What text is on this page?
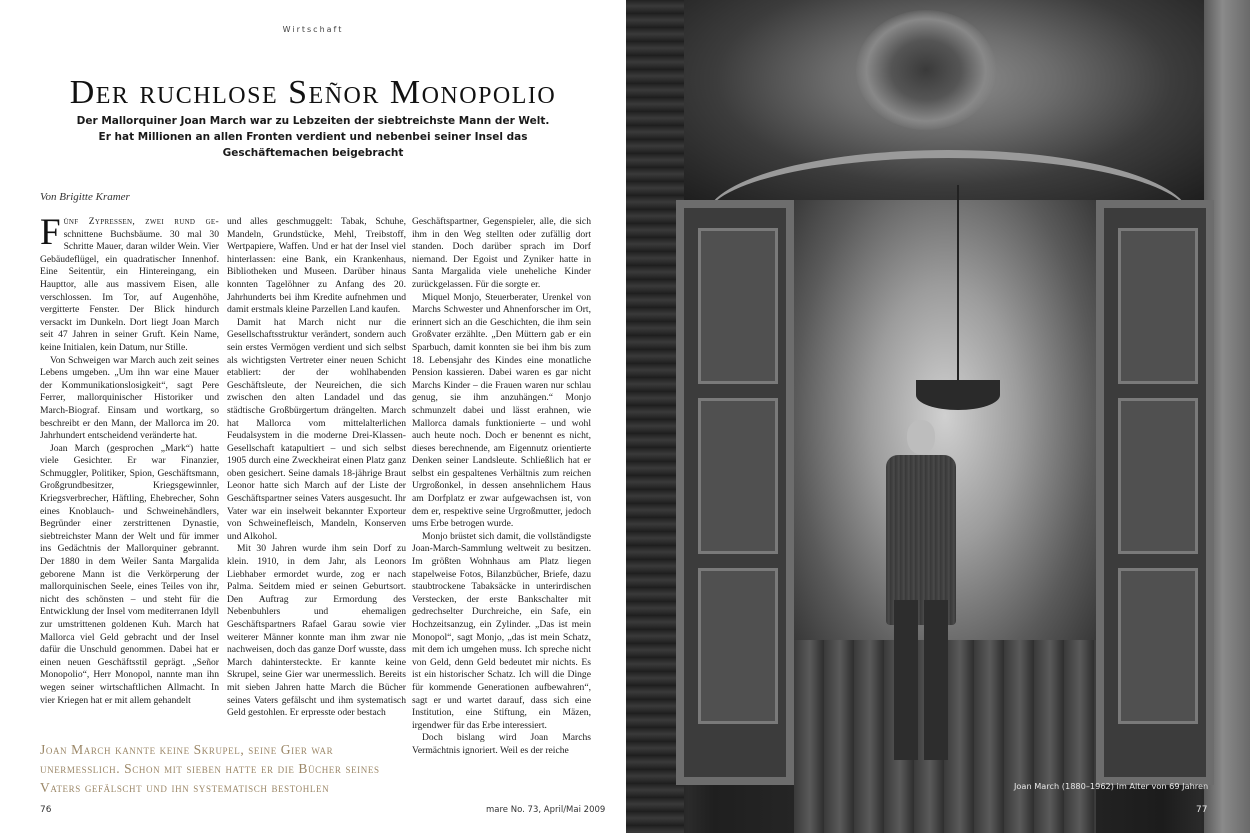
Wirtschaft
Der ruchlose Señor Monopolio
Der Mallorquiner Joan March war zu Lebzeiten der siebtreichste Mann der Welt. Er hat Millionen an allen Fronten verdient und nebenbei seiner Insel das Geschäftemachen beigebracht
Von Brigitte Kramer

Fünf Zypressen, zwei rund ge- schnittene Buchsbäume. 30 mal 30 Schritte Mauer, daran wilder Wein. Vier Gebäudeflügel, ein quadratischer Innenhof. Eine Seitentür, ein Hintereingang, ein Haupttor, alle aus massivem Eisen, alle verschlossen. Im Tor, auf Augenhöhe, vergitterte Fenster. Der Blick hindurch versackt im Dunkeln. Dort liegt Joan March seit 47 Jahren in seiner Gruft. Kein Name, keine Initialen, kein Datum, nur Stille.

Von Schweigen war March auch zeit seines Lebens umgeben. „Um ihn war eine Mauer der Kommunikationslosigkeit“, sagt Pere Ferrer, mallorquinischer Historiker und March-Biograf. Einsam und wortkarg, so beschreibt er den Mann, der Mallorca im 20. Jahrhundert entscheidend veränderte hat.

Joan March (gesprochen „Mark“) hatte viele Gesichter. Er war Finanzier, Schmuggler, Politiker, Spion, Geschäftsmann, Großgrundbesitzer, Kriegsgewinnler, Kriegsverbrecher, Häftling, Ehebrecher, Sohn eines Knoblauch- und Schweinehändlers, Begründer einer zerstrittenen Dynastie, siebtreichster Mann der Welt und für immer ins Gedächtnis der Mallorquiner gebrannt. Der 1880 in dem Weiler Santa Margalida geborene Mann ist die Verkörperung der mallorquinischen Seele, eines Teiles von ihr, nicht des schönsten – und steht für die Entwicklung der Insel vom mediterranen Idyll zur umstrittenen goldenen Kuh. March hat Mallorca viel Geld gebracht und der Insel dafür die Unschuld genommen. Dabei hat er einen neuen Geschäftsstil geprägt. „Señor Monopolio“, Herr Monopol, nannte man ihn wegen seiner wirtschaftlichen Allmacht. In vier Kriegen hat er mit allem gehandelt

und alles geschmuggelt: Tabak, Schuhe, Mandeln, Grundstücke, Mehl, Treibstoff, Wertpapiere, Waffen. Und er hat der Insel viel hinterlassen: eine Bank, ein Krankenhaus, Bibliotheken und Museen. Darüber hinaus konnten Tagelöhner zu Anfang des 20. Jahrhunderts bei ihm Kredite aufnehmen und damit erstmals kleine Parzellen Land kaufen.

Damit hat March nicht nur die Gesellschaftsstruktur verändert, sondern auch sein erstes Vermögen verdient und sich selbst als wichtigsten Vertreter einer neuen Schicht etabliert: der der wohlhabenden Geschäftsleute, der Neureichen, die sich zwischen den alten Landadel und das städtische Großbürgertum drängelten. March hat Mallorca vom mittelalterlichen Feudalsystem in die moderne Drei-Klassen-Gesellschaft katapultiert – und sich selbst 1905 durch eine Zweckheirat einen Platz ganz oben gesichert. Seine damals 18-jährige Braut Leonor hatte sich March auf der Liste der Geschäftspartner seines Vaters ausgesucht. Ihr Vater war ein inselweit bekannter Exporteur von Schweinefleisch, Mandeln, Konserven und Alkohol.

Mit 30 Jahren wurde ihm sein Dorf zu klein. 1910, in dem Jahr, als Leonors Liebhaber ermordet wurde, zog er nach Palma. Seitdem mied er seinen Geburtsort. Den Auftrag zur Ermordung des Nebenbuhlers und ehemaligen Geschäftspartners Rafael Garau sowie vier weiterer Männer konnte man ihm zwar nie nachweisen, doch das ganze Dorf wusste, dass March dahintersteckte. Er kannte keine Skrupel, seine Gier war unermesslich. Bereits mit sieben Jahren hatte March die Bücher seines Vaters gefälscht und ihm systematisch Geld gestohlen. Er erpresste oder bestach

Geschäftspartner, Gegenspieler, alle, die sich ihm in den Weg stellten oder zufällig dort standen. Doch darüber sprach im Dorf niemand. Der Egoist und Zyniker hatte in Santa Margalida viele uneheliche Kinder zurückgelassen. Für die sorgte er.

Miquel Monjo, Steuerberater, Urenkel von Marchs Schwester und Ahnenforscher im Ort, erinnert sich an die Geschichten, die ihm sein Großvater erzählte. „Den Müttern gab er ein Sparbuch, damit konnten sie bei ihm bis zum 18. Lebensjahr des Kindes eine monatliche Pension kassieren. Dabei waren es gar nicht Marchs Kinder – die Frauen waren nur schlau genug, sie ihm anzuhängen.“ Monjo schmunzelt dabei und lässt erahnen, wie Mallorca damals funktionierte – und wohl auch heute noch. Doch er benennt es nicht, dieses berechnende, am Eigennutz orientierte Denken seiner Landsleute. Schließlich hat er selbst ein gespaltenes Verhältnis zum reichen Urgroßonkel, in dessen ansehnlichem Haus am Dorfplatz er zwar aufgewachsen ist, von dem er, respektive seine Urgroßmutter, jedoch ums Erbe betrogen wurde.

Monjo brüstet sich damit, die vollständigste Joan-March-Sammlung weltweit zu besitzen. Im größten Wohnhaus am Platz liegen stapelweise Fotos, Bilanzbücher, Briefe, dazu staubtrockene Tabaksäcke in unterirdischen Verstecken, der erste Bankschalter mit gedrechselter Durchreiche, ein Safe, ein Hochzeitsanzug, ein Zylinder. „Das ist mein Monopol“, sagt Monjo, „das ist mein Schatz, mit dem ich umgehen muss. Ich spreche nicht von Geld, denn Geld bedeutet mir nichts. Es ist ein historischer Schatz. Ich will die Dinge für kommende Generationen aufbewahren“, sagt er und wartet darauf, dass sich eine Institution, eine Stiftung, ein Mäzen, irgendwer für das Erbe interessiert.

Doch bislang wird Joan Marchs Vermächtnis ignoriert. Weil es der reiche

Joan March kannte keine Skrupel, seine Gier war unermesslich. Schon mit sieben hatte er die Bücher seines Vaters gefälscht und ihn systematisch bestohlen
76	mare No. 73, April/Mai 2009
Joan March (1880–1962) im Alter von 69 Jahren
77
